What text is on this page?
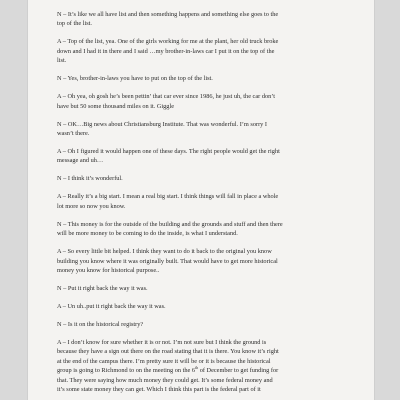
N – It’s like we all have list and then something happens and something else goes to the
top of the list.
A – Top of the list, yea. One of the girls working for me at the plant, her old truck broke
down and I had it in there and I said …my brother-in-laws car I put it on the top of the
list.
N – Yes, brother-in-laws you have to put on the top of the list.
A – Oh yea, oh gosh he’s been pettin’ that car ever since 1986, he just uh, the car don’t
have but 50 some thousand miles on it. Giggle
N – OK…Big news about Christiansburg Institute. That was wonderful. I’m sorry I
wasn’t there.
A – Oh I figured it would happen one of these days. The right people would get the right
message and uh…
N – I think it’s wonderful.
A – Really it’s a big start. I mean a real big start. I think things will fall in place a whole
lot more so now you know.
N – This money is for the outside of the building and the grounds and stuff and then there
will be more money to be coming to do the inside, is what I understand.
A – So every little bit helped. I think they want to do it back to the original you know
building you know where it was originally built. That would have to get more historical
money you know for historical purpose..
N – Put it right back the way it was.
A – Un uh..put it right back the way it was.
N – Is it on the historical registry?
A – I don’t know for sure whether it is or not. I’m not sure but I think the ground is
because they have a sign out there on the road stating that it is there. You know it’s right
at the end of the campus there. I’m pretty sure it will be or it is because the historical
group is going to Richmond to on the meeting on the 6th of December to get funding for
that. They were saying how much money they could get. It’s some federal money and
it’s some state money they can get. Which I think this part is the federal part of it
